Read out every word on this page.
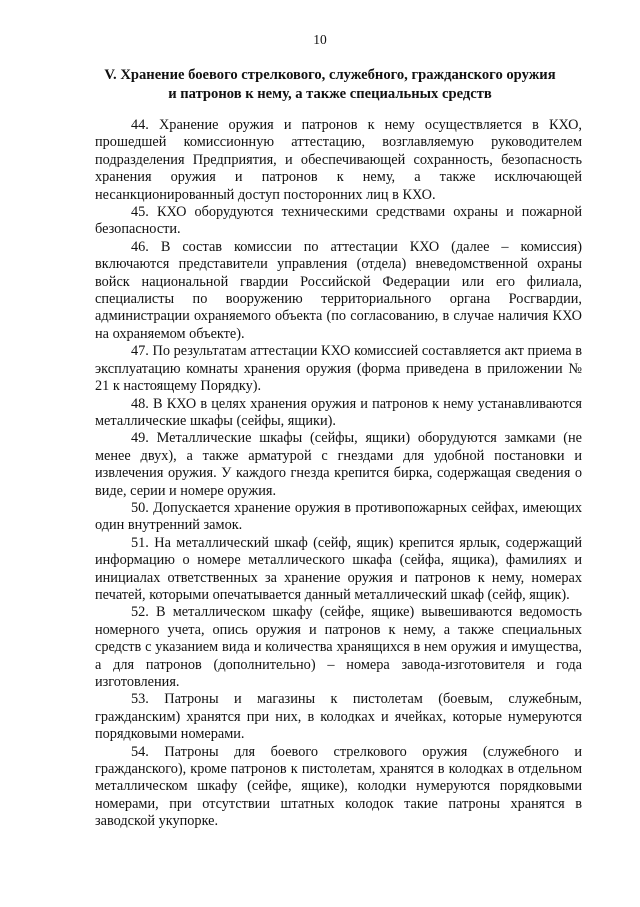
10
V. Хранение боевого стрелкового, служебного, гражданского оружия
и патронов к нему, а также специальных средств

44. Хранение оружия и патронов к нему осуществляется в КХО, прошедшей комиссионную аттестацию, возглавляемую руководителем подразделения Предприятия, и обеспечивающей сохранность, безопасность хранения оружия и патронов к нему, а также исключающей несанкционированный доступ посторонних лиц в КХО.

45. КХО оборудуются техническими средствами охраны и пожарной безопасности.

46. В состав комиссии по аттестации КХО (далее – комиссия) включаются представители управления (отдела) вневедомственной охраны войск национальной гвардии Российской Федерации или его филиала, специалисты по вооружению территориального органа Росгвардии, администрации охраняемого объекта (по согласованию, в случае наличия КХО на охраняемом объекте).

47. По результатам аттестации КХО комиссией составляется акт приема в эксплуатацию комнаты хранения оружия (форма приведена в приложении № 21 к настоящему Порядку).

48. В КХО в целях хранения оружия и патронов к нему устанавливаются металлические шкафы (сейфы, ящики).

49. Металлические шкафы (сейфы, ящики) оборудуются замками (не менее двух), а также арматурой с гнездами для удобной постановки и извлечения оружия. У каждого гнезда крепится бирка, содержащая сведения о виде, серии и номере оружия.

50. Допускается хранение оружия в противопожарных сейфах, имеющих один внутренний замок.

51. На металлический шкаф (сейф, ящик) крепится ярлык, содержащий информацию о номере металлического шкафа (сейфа, ящика), фамилиях и инициалах ответственных за хранение оружия и патронов к нему, номерах печатей, которыми опечатывается данный металлический шкаф (сейф, ящик).

52. В металлическом шкафу (сейфе, ящике) вывешиваются ведомость номерного учета, опись оружия и патронов к нему, а также специальных средств с указанием вида и количества хранящихся в нем оружия и имущества, а для патронов (дополнительно) – номера завода-изготовителя и года изготовления.

53. Патроны и магазины к пистолетам (боевым, служебным, гражданским) хранятся при них, в колодках и ячейках, которые нумеруются порядковыми номерами.

54. Патроны для боевого стрелкового оружия (служебного и гражданского), кроме патронов к пистолетам, хранятся в колодках в отдельном металлическом шкафу (сейфе, ящике), колодки нумеруются порядковыми номерами, при отсутствии штатных колодок такие патроны хранятся в заводской укупорке.
